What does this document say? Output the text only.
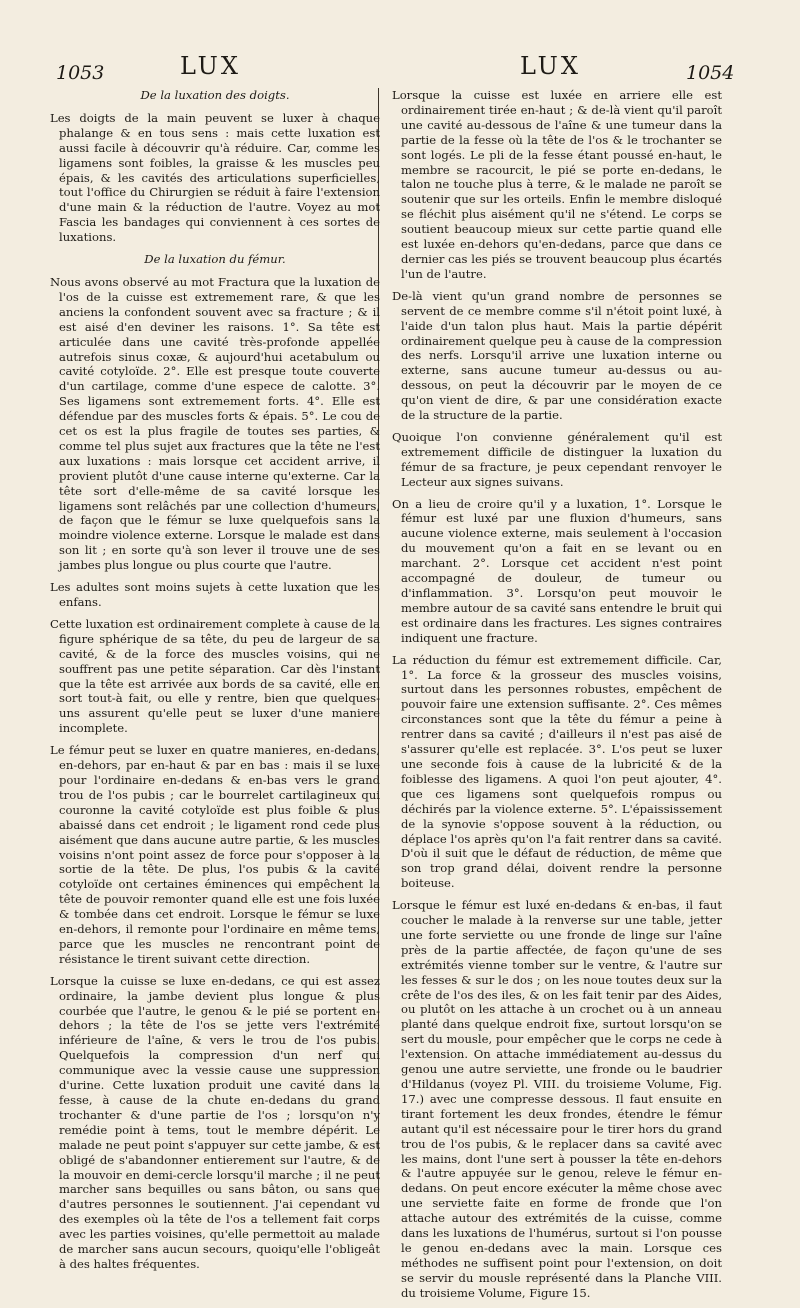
1053	LUX	LUX	1054
De la luxation des doigts.
Les doigts de la main peuvent se luxer à chaque phalange & en tous sens : mais cette luxation est aussi facile à découvrir qu'à réduire. Car, comme les ligamens sont foibles, la graisse & les muscles peu épais, & les cavités des articulations superficielles, tout l'office du Chirurgien se réduit à faire l'extension d'une main & la réduction de l'autre. Voyez au mot Fascia les bandages qui conviennent à ces sortes de luxations.
De la luxation du fémur.
Nous avons observé au mot Fractura que la luxation de l'os de la cuisse est extremement rare, & que les anciens la confondent souvent avec sa fracture ; & il est aisé d'en deviner les raisons. 1°. Sa tête est articulée dans une cavité très-profonde appellée autrefois sinus coxæ, & aujourd'hui acetabulum ou cavité cotyloïde. 2°. Elle est presque toute couverte d'un cartilage, comme d'une espece de calotte. 3°. Ses ligamens sont extremement forts. 4°. Elle est défendue par des muscles forts & épais. 5°. Le cou de cet os est la plus fragile de toutes ses parties, & comme tel plus sujet aux fractures que la tête ne l'est aux luxations : mais lorsque cet accident arrive, il provient plutôt d'une cause interne qu'externe. Car la tête sort d'elle-même de sa cavité lorsque les ligamens sont relâchés par une collection d'humeurs, de façon que le fémur se luxe quelquefois sans la moindre violence externe. Lorsque le malade est dans son lit ; en sorte qu'à son lever il trouve une de ses jambes plus longue ou plus courte que l'autre.
Les adultes sont moins sujets à cette luxation que les enfans.
Cette luxation est ordinairement complete à cause de la figure sphérique de sa tête, du peu de largeur de sa cavité, & de la force des muscles voisins, qui ne souffrent pas une petite séparation. Car dès l'instant que la tête est arrivée aux bords de sa cavité, elle en sort tout-à fait, ou elle y rentre, bien que quelques-uns assurent qu'elle peut se luxer d'une maniere incomplete.
Le fémur peut se luxer en quatre manieres, en-dedans, en-dehors, par en-haut & par en bas : mais il se luxe pour l'ordinaire en-dedans & en-bas vers le grand trou de l'os pubis ; car le bourrelet cartilagineux qui couronne la cavité cotyloïde est plus foible & plus abaissé dans cet endroit ; le ligament rond cede plus aisément que dans aucune autre partie, & les muscles voisins n'ont point assez de force pour s'opposer à la sortie de la tête. De plus, l'os pubis & la cavité cotyloïde ont certaines éminences qui empêchent la tête de pouvoir remonter quand elle est une fois luxée & tombée dans cet endroit. Lorsque le fémur se luxe en-dehors, il remonte pour l'ordinaire en même tems, parce que les muscles ne rencontrant point de résistance le tirent suivant cette direction.
Lorsque la cuisse se luxe en-dedans, ce qui est assez ordinaire, la jambe devient plus longue & plus courbée que l'autre, le genou & le pié se portent en-dehors ; la tête de l'os se jette vers l'extrémité inférieure de l'aîne, & vers le trou de l'os pubis. Quelquefois la compression d'un nerf qui communique avec la vessie cause une suppression d'urine. Cette luxation produit une cavité dans la fesse, à cause de la chute en-dedans du grand trochanter & d'une partie de l'os ; lorsqu'on n'y remédie point à tems, tout le membre dépérit. Le malade ne peut point s'appuyer sur cette jambe, & est obligé de s'abandonner entierement sur l'autre, & de la mouvoir en demi-cercle lorsqu'il marche ; il ne peut marcher sans bequilles ou sans bâton, ou sans que d'autres personnes le soutiennent. J'ai cependant vu des exemples où la tête de l'os a tellement fait corps avec les parties voisines, qu'elle permettoit au malade de marcher sans aucun secours, quoiqu'elle l'obligeât à des haltes fréquentes.
Lorsque la cuisse est luxée en arriere elle est ordinairement tirée en-haut ; & de-là vient qu'il paroît une cavité au-dessous de l'aîne & une tumeur dans la partie de la fesse où la tête de l'os & le trochanter se sont logés. Le pli de la fesse étant poussé en-haut, le membre se racourcit, le pié se porte en-dedans, le talon ne touche plus à terre, & le malade ne paroît se soutenir que sur les orteils. Enfin le membre disloqué se fléchit plus aisément qu'il ne s'étend. Le corps se soutient beaucoup mieux sur cette partie quand elle est luxée en-dehors qu'en-dedans, parce que dans ce dernier cas les piés se trouvent beaucoup plus écartés l'un de l'autre.
De-là vient qu'un grand nombre de personnes se servent de ce membre comme s'il n'étoit point luxé, à l'aide d'un talon plus haut. Mais la partie dépérit ordinairement quelque peu à cause de la compression des nerfs. Lorsqu'il arrive une luxation interne ou externe, sans aucune tumeur au-dessus ou au-dessous, on peut la découvrir par le moyen de ce qu'on vient de dire, & par une considération exacte de la structure de la partie.
Quoique l'on convienne généralement qu'il est extremement difficile de distinguer la luxation du fémur de sa fracture, je peux cependant renvoyer le Lecteur aux signes suivans.
On a lieu de croire qu'il y a luxation, 1°. Lorsque le fémur est luxé par une fluxion d'humeurs, sans aucune violence externe, mais seulement à l'occasion du mouvement qu'on a fait en se levant ou en marchant. 2°. Lorsque cet accident n'est point accompagné de douleur, de tumeur ou d'inflammation. 3°. Lorsqu'on peut mouvoir le membre autour de sa cavité sans entendre le bruit qui est ordinaire dans les fractures. Les signes contraires indiquent une fracture.
La réduction du fémur est extremement difficile. Car, 1°. La force & la grosseur des muscles voisins, surtout dans les personnes robustes, empêchent de pouvoir faire une extension suffisante. 2°. Ces mêmes circonstances sont que la tête du fémur a peine à rentrer dans sa cavité ; d'ailleurs il n'est pas aisé de s'assurer qu'elle est replacée. 3°. L'os peut se luxer une seconde fois à cause de la lubricité & de la foiblesse des ligamens. A quoi l'on peut ajouter, 4°. que ces ligamens sont quelquefois rompus ou déchirés par la violence externe. 5°. L'épaississement de la synovie s'oppose souvent à la réduction, ou déplace l'os après qu'on l'a fait rentrer dans sa cavité. D'où il suit que le défaut de réduction, de même que son trop grand délai, doivent rendre la personne boiteuse.
Lorsque le fémur est luxé en-dedans & en-bas, il faut coucher le malade à la renverse sur une table, jetter une forte serviette ou une fronde de linge sur l'aîne près de la partie affectée, de façon qu'une de ses extrémités vienne tomber sur le ventre, & l'autre sur les fesses & sur le dos ; on les noue toutes deux sur la crête de l'os des iles, & on les fait tenir par des Aides, ou plutôt on les attache à un crochet ou à un anneau planté dans quelque endroit fixe, surtout lorsqu'on se sert du mousle, pour empêcher que le corps ne cede à l'extension. On attache immédiatement au-dessus du genou une autre serviette, une fronde ou le baudrier d'Hildanus (voyez Pl. VIII. du troisieme Volume, Fig. 17.) avec une compresse dessous. Il faut ensuite en tirant fortement les deux frondes, étendre le fémur autant qu'il est nécessaire pour le tirer hors du grand trou de l'os pubis, & le replacer dans sa cavité avec les mains, dont l'une sert à pousser la tête en-dehors & l'autre appuyée sur le genou, releve le fémur en-dedans. On peut encore exécuter la même chose avec une serviette faite en forme de fronde que l'on attache autour des extrémités de la cuisse, comme dans les luxations de l'humérus, surtout si l'on pousse le genou en-dedans avec la main. Lorsque ces méthodes ne suffisent point pour l'extension, on doit se servir du mousle représenté dans la Planche VIII. du troisieme Volume, Figure 15.
